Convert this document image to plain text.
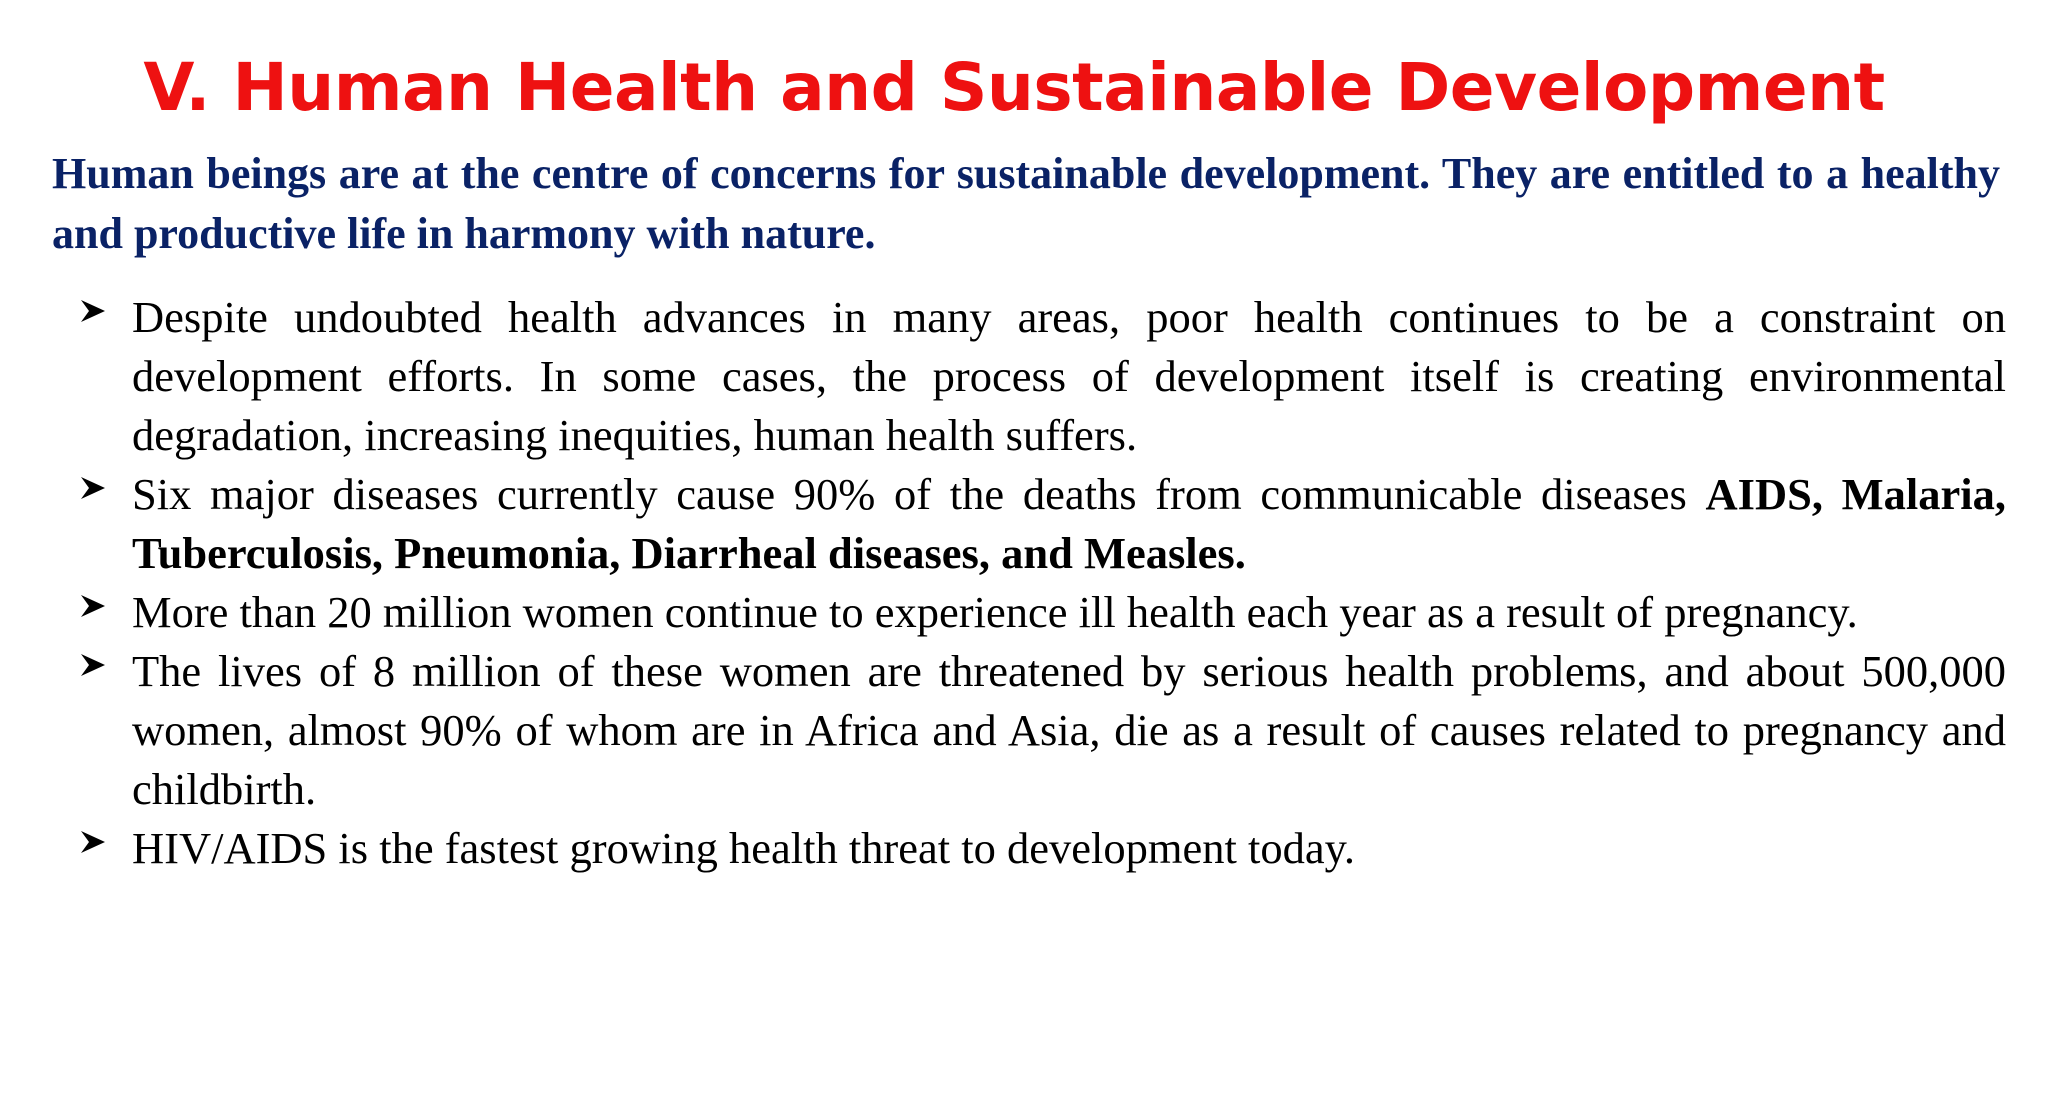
V. Human Health and Sustainable Development
Human beings are at the centre of concerns for sustainable development. They are entitled to a healthy and productive life in harmony with nature.
Despite undoubted health advances in many areas, poor health continues to be a constraint on development efforts. In some cases, the process of development itself is creating environmental degradation, increasing inequities, human health suffers.
Six major diseases currently cause 90% of the deaths from communicable diseases AIDS, Malaria, Tuberculosis, Pneumonia, Diarrheal diseases, and Measles.
More than 20 million women continue to experience ill health each year as a result of pregnancy.
The lives of 8 million of these women are threatened by serious health problems, and about 500,000 women, almost 90% of whom are in Africa and Asia, die as a result of causes related to pregnancy and childbirth.
HIV/AIDS is the fastest growing health threat to development today.
